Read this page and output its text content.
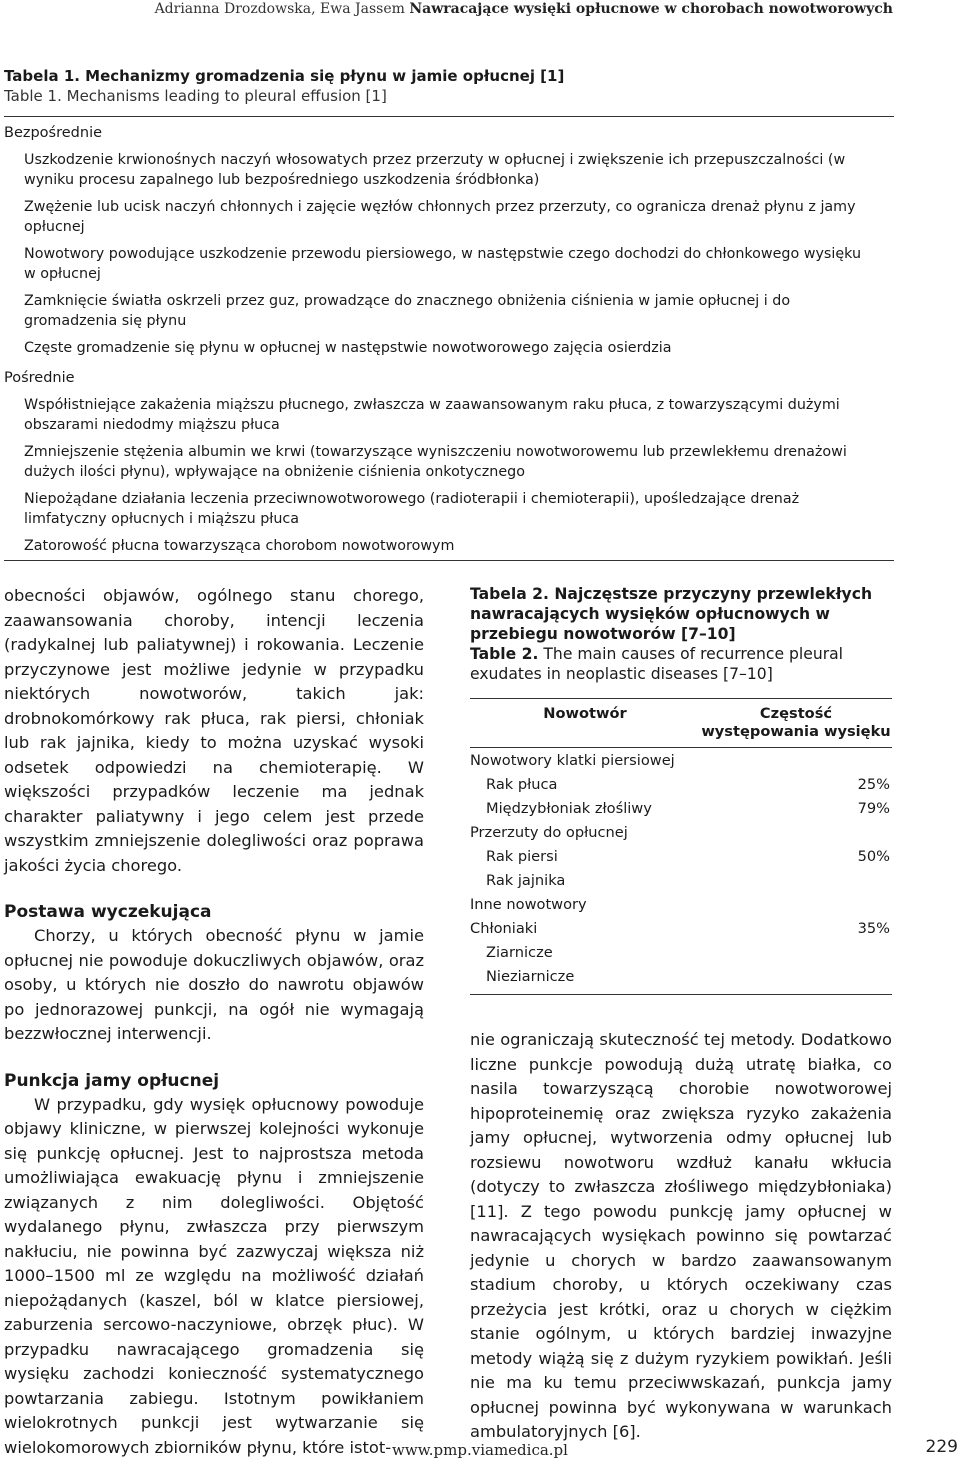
Adrianna Drozdowska, Ewa Jassem Nawracające wysięki opłucnowe w chorobach nowotworowych
Tabela 1. Mechanizmy gromadzenia się płynu w jamie opłucnej [1]
Table 1. Mechanisms leading to pleural effusion [1]
Bezpośrednie
Uszkodzenie krwionośnych naczyń włosowatych przez przerzuty w opłucnej i zwiększenie ich przepuszczalności (w wyniku procesu zapalnego lub bezpośredniego uszkodzenia śródbłonka)
Zwężenie lub ucisk naczyń chłonnych i zajęcie węzłów chłonnych przez przerzuty, co ogranicza drenaż płynu z jamy opłucnej
Nowotwory powodujące uszkodzenie przewodu piersiowego, w następstwie czego dochodzi do chłonkowego wysięku w opłucnej
Zamknięcie światła oskrzeli przez guz, prowadzące do znacznego obniżenia ciśnienia w jamie opłucnej i do gromadzenia się płynu
Częste gromadzenie się płynu w opłucnej w następstwie nowotworowego zajęcia osierdzia
Pośrednie
Współistniejące zakażenia miąższu płucnego, zwłaszcza w zaawansowanym raku płuca, z towarzyszącymi dużymi obszarami niedodmy miąższu płuca
Zmniejszenie stężenia albumin we krwi (towarzyszące wyniszczeniu nowotworowemu lub przewlekłemu drenażowi dużych ilości płynu), wpływające na obniżenie ciśnienia onkotycznego
Niepożądane działania leczenia przeciwnowotworowego (radioterapii i chemioterapii), upośledzające drenaż limfatyczny opłucnych i miąższu płuca
Zatorowość płucna towarzysząca chorobom nowotworowym

obecności objawów, ogólnego stanu chorego, zaawansowania choroby, intencji leczenia (radykalnej lub paliatywnej) i rokowania. Leczenie przyczynowe jest możliwe jedynie w przypadku niektórych nowotworów, takich jak: drobnokomórkowy rak płuca, rak piersi, chłoniak lub rak jajnika, kiedy to można uzyskać wysoki odsetek odpowiedzi na chemioterapię. W większości przypadków leczenie ma jednak charakter paliatywny i jego celem jest przede wszystkim zmniejszenie dolegliwości oraz poprawa jakości życia chorego.

Postawa wyczekująca

Chorzy, u których obecność płynu w jamie opłucnej nie powoduje dokuczliwych objawów, oraz osoby, u których nie doszło do nawrotu objawów po jednorazowej punkcji, na ogół nie wymagają bezzwłocznej interwencji.

Punkcja jamy opłucnej

W przypadku, gdy wysięk opłucnowy powoduje objawy kliniczne, w pierwszej kolejności wykonuje się punkcję opłucnej. Jest to najprostsza metoda umożliwiająca ewakuację płynu i zmniejszenie związanych z nim dolegliwości. Objętość wydalanego płynu, zwłaszcza przy pierwszym nakłuciu, nie powinna być zazwyczaj większa niż 1000–1500 ml ze względu na możliwość działań niepożądanych (kaszel, ból w klatce piersiowej, zaburzenia sercowo-naczyniowe, obrzęk płuc). W przypadku nawracającego gromadzenia się wysięku zachodzi konieczność systematycznego powtarzania zabiegu. Istotnym powikłaniem wielokrotnych punkcji jest wytwarzanie się wielokomorowych zbiorników płynu, które istot-

Tabela 2. Najczęstsze przyczyny przewlekłych nawracających wysięków opłucnowych w przebiegu nowotworów [7–10]
Table 2. The main causes of recurrence pleural exudates in neoplastic diseases [7–10]
Nowotwór	Częstość występowania wysięku
Nowotwory klatki piersiowej	
Rak płuca	25%
Międzybłoniak złośliwy	79%
Przerzuty do opłucnej	
Rak piersi	50%
Rak jajnika	
Inne nowotwory	
Chłoniaki	35%
Ziarnicze	
Nieziarnicze	

nie ograniczają skuteczność tej metody. Dodatkowo liczne punkcje powodują dużą utratę białka, co nasila towarzyszącą chorobie nowotworowej hipoproteinemię oraz zwiększa ryzyko zakażenia jamy opłucnej, wytworzenia odmy opłucnej lub rozsiewu nowotworu wzdłuż kanału wkłucia (dotyczy to zwłaszcza złośliwego międzybłoniaka) [11]. Z tego powodu punkcję jamy opłucnej w nawracających wysiękach powinno się powtarzać jedynie u chorych w bardzo zaawansowanym stadium choroby, u których oczekiwany czas przeżycia jest krótki, oraz u chorych w ciężkim stanie ogólnym, u których bardziej inwazyjne metody wiążą się z dużym ryzykiem powikłań. Jeśli nie ma ku temu przeciwwskazań, punkcja jamy opłucnej powinna być wykonywana w warunkach ambulatoryjnych [6].

www.pmp.viamedica.pl	229
